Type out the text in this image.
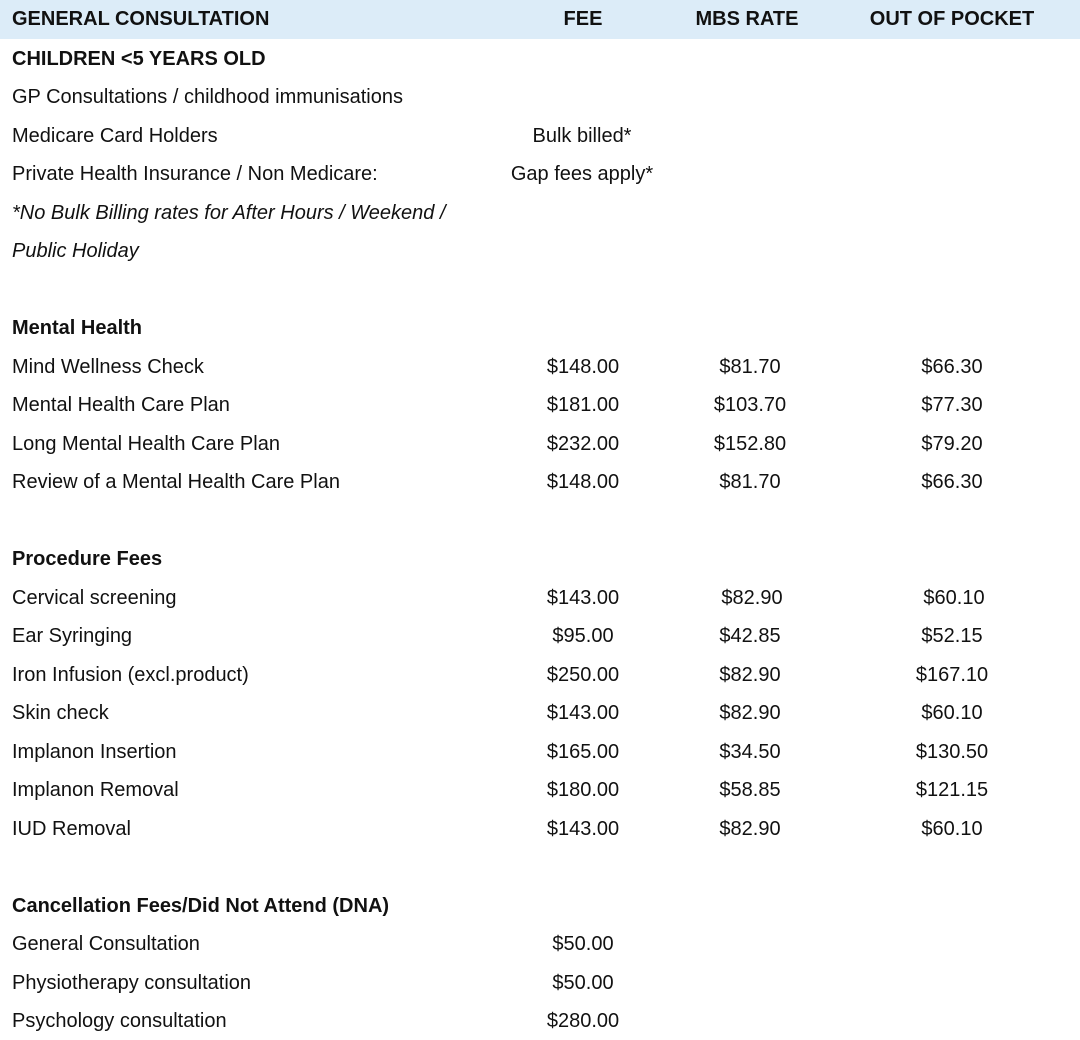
GENERAL CONSULTATION	FEE	MBS RATE	OUT OF POCKET
CHILDREN <5 YEARS OLD
GP Consultations / childhood immunisations
Medicare Card Holders	Bulk billed*
Private Health Insurance / Non Medicare:	Gap fees apply*
*No Bulk Billing rates for After Hours / Weekend /
Public Holiday
Mental Health
Mind Wellness Check	$148.00	$81.70	$66.30
Mental Health Care Plan	$181.00	$103.70	$77.30
Long Mental Health Care Plan	$232.00	$152.80	$79.20
Review of a Mental Health Care Plan	$148.00	$81.70	$66.30
Procedure Fees
Cervical screening	$143.00	$82.90	$60.10
Ear Syringing	$95.00	$42.85	$52.15
Iron Infusion (excl.product)	$250.00	$82.90	$167.10
Skin check	$143.00	$82.90	$60.10
Implanon Insertion	$165.00	$34.50	$130.50
Implanon Removal	$180.00	$58.85	$121.15
IUD Removal	$143.00	$82.90	$60.10
Cancellation Fees/Did Not Attend (DNA)
General Consultation	$50.00
Physiotherapy consultation	$50.00
Psychology consultation	$280.00
